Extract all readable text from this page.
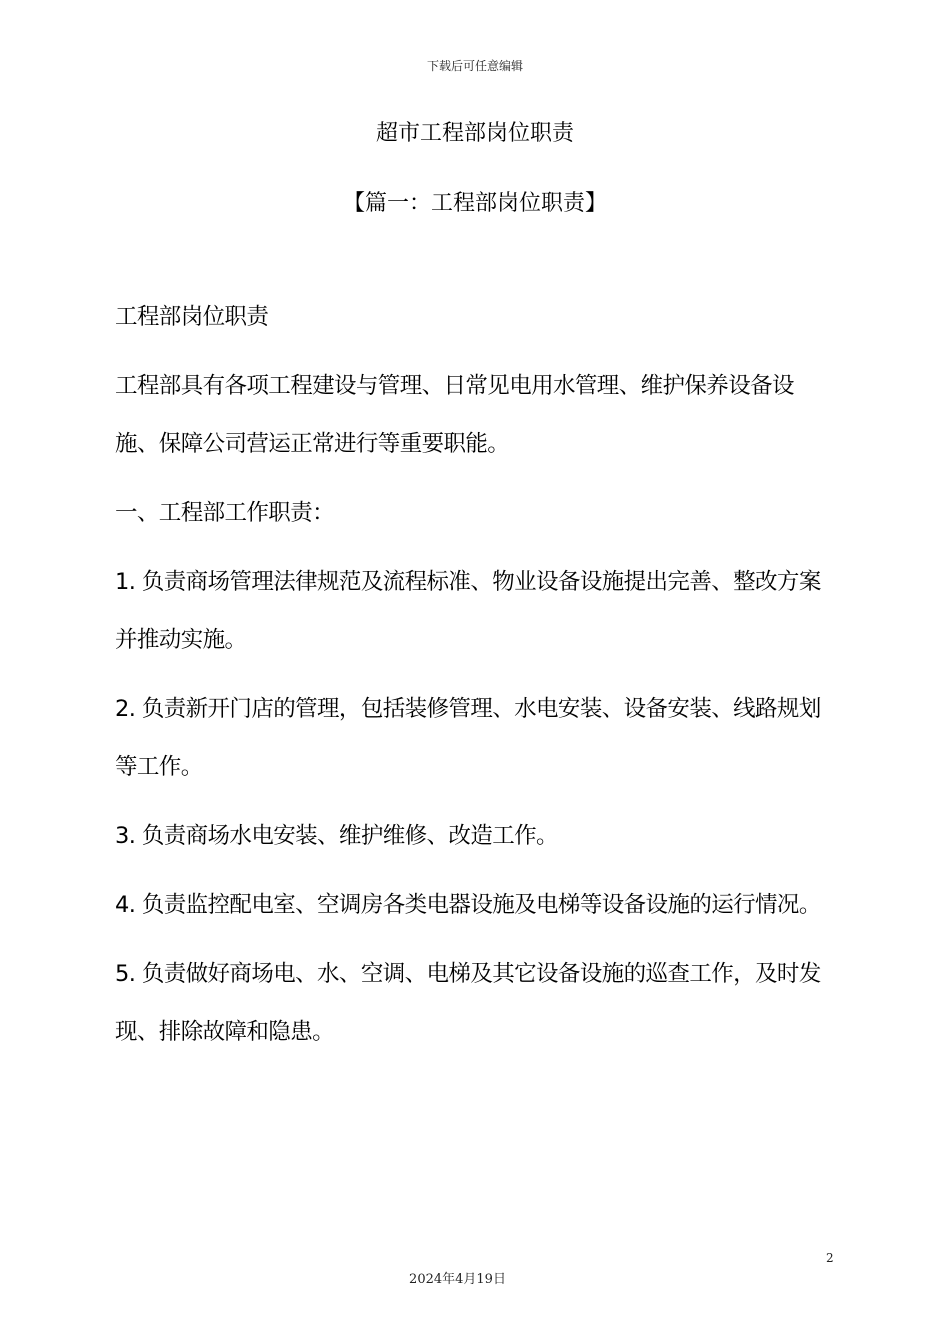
下载后可任意编辑
超市工程部岗位职责
【篇一：工程部岗位职责】

工程部岗位职责

工程部具有各项工程建设与管理、日常见电用水管理、维护保养设备设施、保障公司营运正常进行等重要职能。

一、工程部工作职责：

1. 负责商场管理法律规范及流程标准、物业设备设施提出完善、整改方案并推动实施。

2. 负责新开门店的管理，包括装修管理、水电安装、设备安装、线路规划等工作。

3. 负责商场水电安装、维护维修、改造工作。

4. 负责监控配电室、空调房各类电器设施及电梯等设备设施的运行情况。

5. 负责做好商场电、水、空调、电梯及其它设备设施的巡查工作，及时发现、排除故障和隐患。

2
2024年4月19日
